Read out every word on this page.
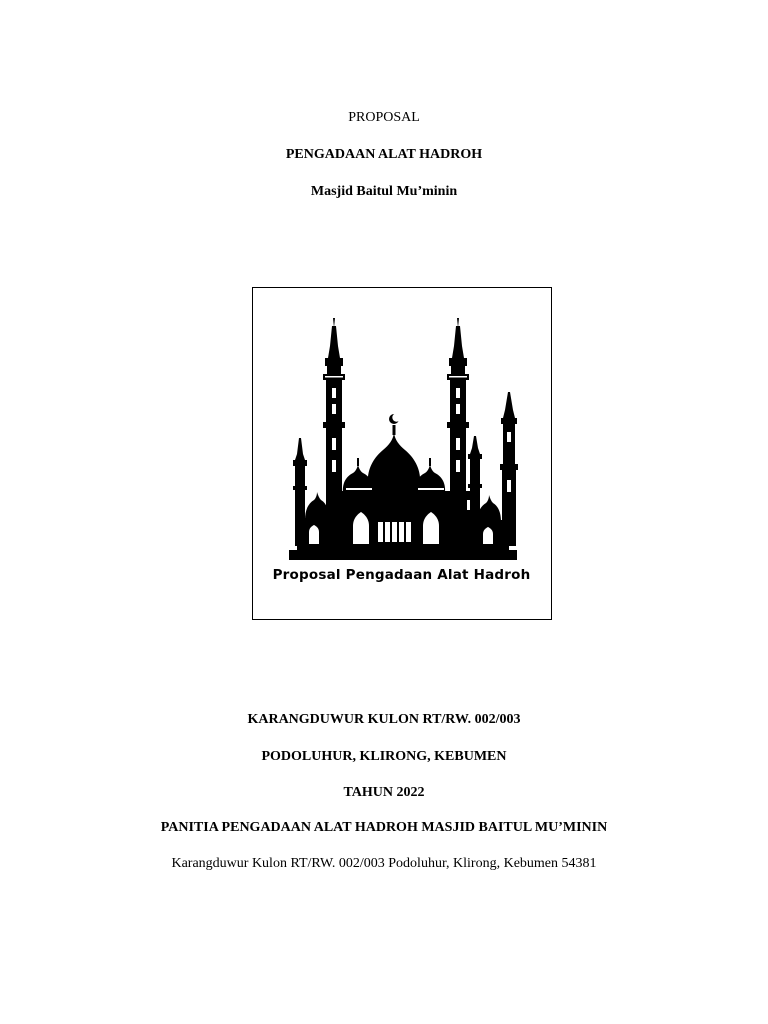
PROPOSAL
PENGADAAN ALAT HADROH
Masjid Baitul Mu’minin
Proposal Pengadaan Alat Hadroh
KARANGDUWUR KULON RT/RW. 002/003
PODOLUHUR, KLIRONG, KEBUMEN
TAHUN 2022
PANITIA PENGADAAN ALAT HADROH MASJID BAITUL MU’MININ
Karangduwur Kulon RT/RW. 002/003 Podoluhur, Klirong, Kebumen 54381
